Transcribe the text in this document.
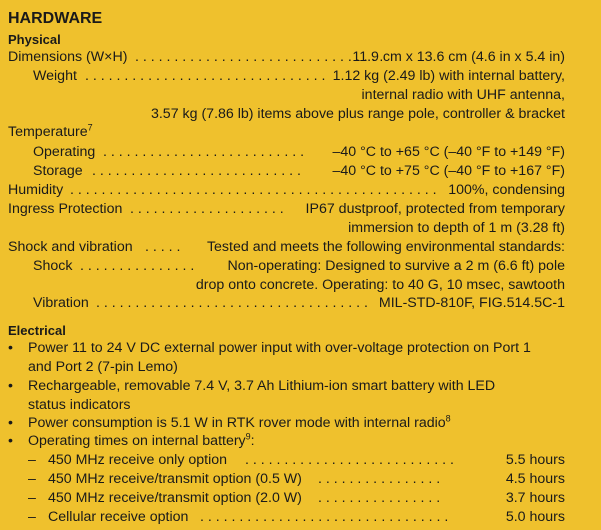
HARDWARE
Physical
Dimensions (W×H) . . . . . . . . . . . . . . . . . . . . . . . . . . . . . . . .
11.9 cm x 13.6 cm (4.6 in x 5.4 in)
Weight . . . . . . . . . . . . . . . . . . . . . . . . . . . . . . . 1.12 kg (2.49 lb) with internal battery,
internal radio with UHF antenna,
3.57 kg (7.86 lb) items above plus range pole, controller & bracket
Temperature$^7$
Operating . . . . . . . . . . . . . . . . . . . . . . . . . . –40 °C to +65 °C (–40 °F to +149 °F)
Storage . . . . . . . . . . . . . . . . . . . . . . . . . . . –40 °C to +75 °C (–40 °F to +167 °F)
Humidity . . . . . . . . . . . . . . . . . . . . . . . . . . . . . . . . . . . . . . . . . . . . . . . 100%, condensing
Ingress Protection . . . . . . . . . . . . . . . . . . . . IP67 dustproof, protected from temporary
immersion to depth of 1 m (3.28 ft)
Shock and vibration . . . . . Tested and meets the following environmental standards:
Shock . . . . . . . . . . . . . . . Non-operating: Designed to survive a 2 m (6.6 ft) pole
drop onto concrete. Operating: to 40 G, 10 msec, sawtooth
Vibration . . . . . . . . . . . . . . . . . . . . . . . . . . . . . . . . . . . MIL-STD-810F, FIG.514.5C-1
Electrical
• Power 11 to 24 V DC external power input with over-voltage protection on Port 1
and Port 2 (7-pin Lemo)
• Rechargeable, removable 7.4 V, 3.7 Ah Lithium-ion smart battery with LED
status indicators
• Power consumption is 5.1 W in RTK rover mode with internal radio$^8$
• Operating times on internal battery$^9$:
– 450 MHz receive only option . . . . . . . . . . . . . . . . . . . . . . . . . . .	5.5 hours
– 450 MHz receive/transmit option (0.5 W) . . . . . . . . . . . . . . . .	4.5 hours
– 450 MHz receive/transmit option (2.0 W) . . . . . . . . . . . . . . . .	3.7 hours
– Cellular receive option . . . . . . . . . . . . . . . . . . . . . . . . . . . . . . . .	5.0 hours
